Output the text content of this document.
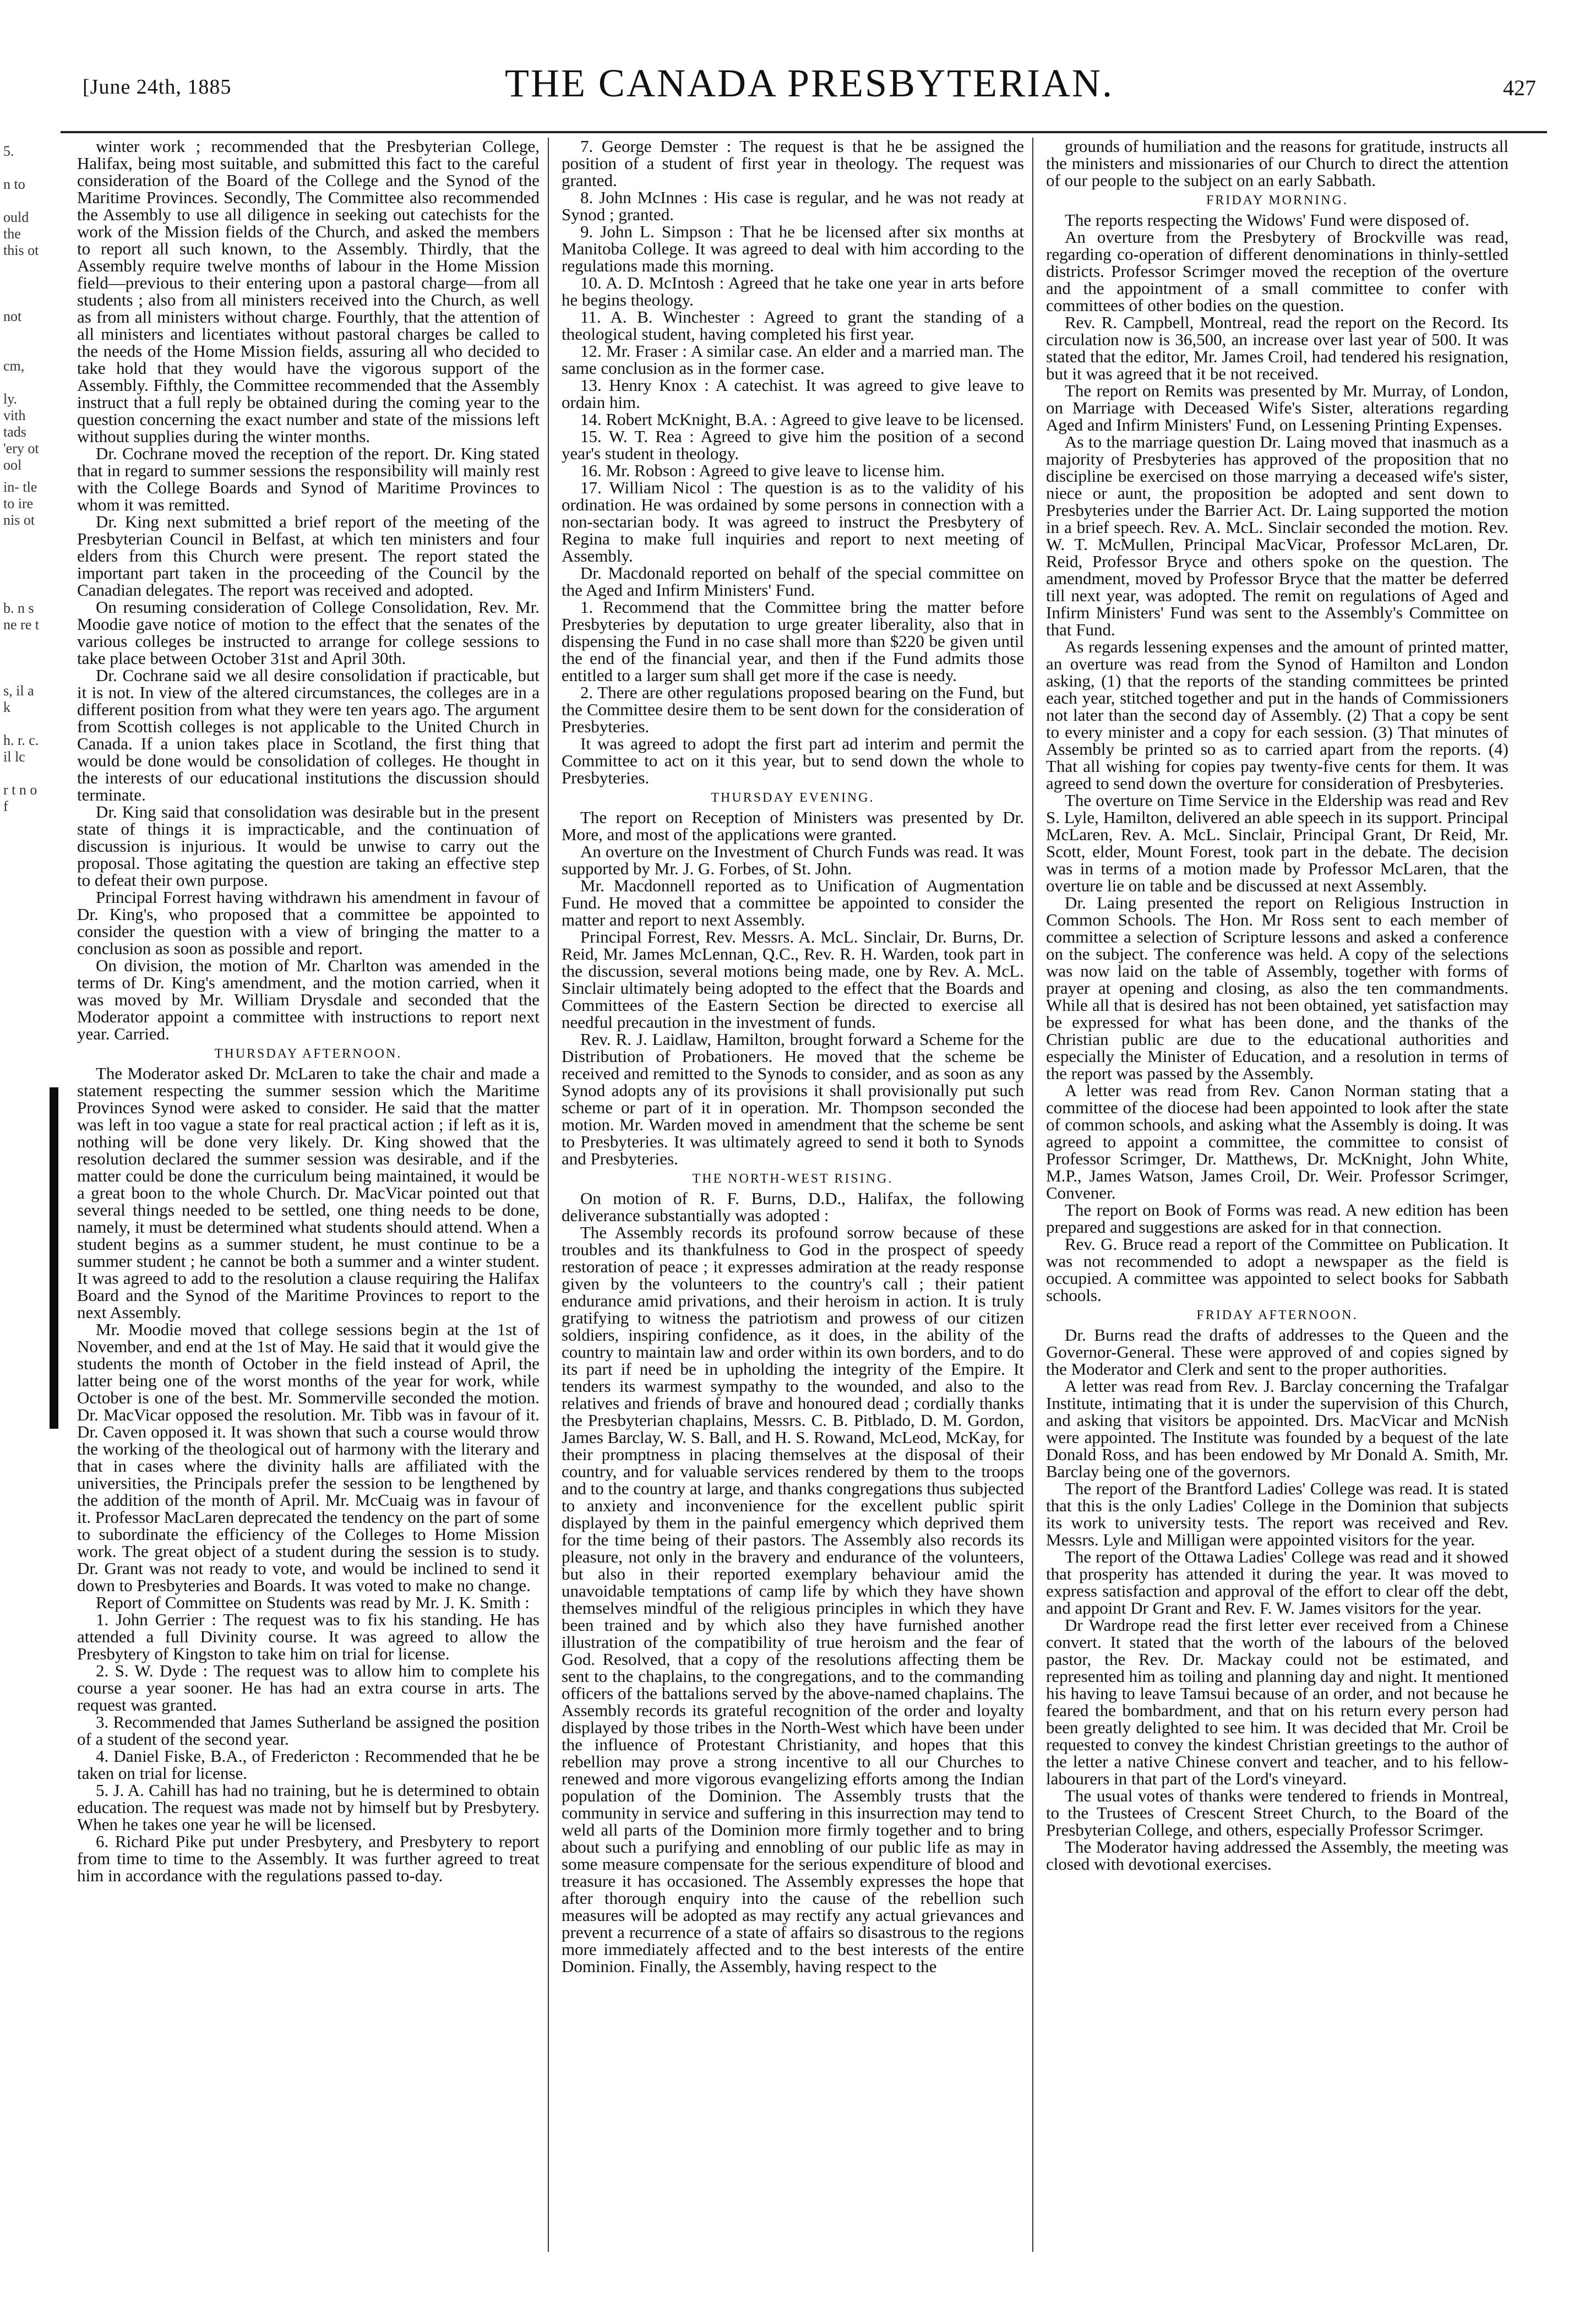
[June 24th, 1885	THE CANADA PRESBYTERIAN.	427
5.
n to
ould the this ot
not
cm,
ly. vith tads 'ery ot ool
in- tle to ire nis ot
b. n s ne re t
s, il a k
h. r. c. il lc
r t n o f

winter work ; recommended that the Presbyterian College, Halifax, being most suitable, and submitted this fact to the careful consideration of the Board of the College and the Synod of the Maritime Provinces. Secondly, The Committee also recommended the Assembly to use all diligence in seeking out catechists for the work of the Mission fields of the Church, and asked the members to report all such known, to the Assembly. Thirdly, that the Assembly require twelve months of labour in the Home Mission field—previous to their entering upon a pastoral charge—from all students ; also from all ministers received into the Church, as well as from all ministers without charge. Fourthly, that the attention of all ministers and licentiates without pastoral charges be called to the needs of the Home Mission fields, assuring all who decided to take hold that they would have the vigorous support of the Assembly. Fifthly, the Committee recommended that the Assembly instruct that a full reply be obtained during the coming year to the question concerning the exact number and state of the missions left without supplies during the winter months.

Dr. Cochrane moved the reception of the report. Dr. King stated that in regard to summer sessions the responsibility will mainly rest with the College Boards and Synod of Maritime Provinces to whom it was remitted.

Dr. King next submitted a brief report of the meeting of the Presbyterian Council in Belfast, at which ten ministers and four elders from this Church were present. The report stated the important part taken in the proceeding of the Council by the Canadian delegates. The report was received and adopted.

On resuming consideration of College Consolidation, Rev. Mr. Moodie gave notice of motion to the effect that the senates of the various colleges be instructed to arrange for college sessions to take place between October 31st and April 30th.

Dr. Cochrane said we all desire consolidation if practicable, but it is not. In view of the altered circumstances, the colleges are in a different position from what they were ten years ago. The argument from Scottish colleges is not applicable to the United Church in Canada. If a union takes place in Scotland, the first thing that would be done would be consolidation of colleges. He thought in the interests of our educational institutions the discussion should terminate.

Dr. King said that consolidation was desirable but in the present state of things it is impracticable, and the continuation of discussion is injurious. It would be unwise to carry out the proposal. Those agitating the question are taking an effective step to defeat their own purpose.

Principal Forrest having withdrawn his amendment in favour of Dr. King's, who proposed that a committee be appointed to consider the question with a view of bringing the matter to a conclusion as soon as possible and report.

On division, the motion of Mr. Charlton was amended in the terms of Dr. King's amendment, and the motion carried, when it was moved by Mr. William Drysdale and seconded that the Moderator appoint a committee with instructions to report next year. Carried.

THURSDAY AFTERNOON.

The Moderator asked Dr. McLaren to take the chair and made a statement respecting the summer session which the Maritime Provinces Synod were asked to consider. He said that the matter was left in too vague a state for real practical action ; if left as it is, nothing will be done very likely. Dr. King showed that the resolution declared the summer session was desirable, and if the matter could be done the curriculum being maintained, it would be a great boon to the whole Church. Dr. MacVicar pointed out that several things needed to be settled, one thing needs to be done, namely, it must be determined what students should attend. When a student begins as a summer student, he must continue to be a summer student ; he cannot be both a summer and a winter student. It was agreed to add to the resolution a clause requiring the Halifax Board and the Synod of the Maritime Provinces to report to the next Assembly.

Mr. Moodie moved that college sessions begin at the 1st of November, and end at the 1st of May. He said that it would give the students the month of October in the field instead of April, the latter being one of the worst months of the year for work, while October is one of the best. Mr. Sommerville seconded the motion. Dr. MacVicar opposed the resolution. Mr. Tibb was in favour of it. Dr. Caven opposed it. It was shown that such a course would throw the working of the theological out of harmony with the literary and that in cases where the divinity halls are affiliated with the universities, the Principals prefer the session to be lengthened by the addition of the month of April. Mr. McCuaig was in favour of it. Professor MacLaren deprecated the tendency on the part of some to subordinate the efficiency of the Colleges to Home Mission work. The great object of a student during the session is to study. Dr. Grant was not ready to vote, and would be inclined to send it down to Presbyteries and Boards. It was voted to make no change.

Report of Committee on Students was read by Mr. J. K. Smith :

1. John Gerrier : The request was to fix his standing. He has attended a full Divinity course. It was agreed to allow the Presbytery of Kingston to take him on trial for license.

2. S. W. Dyde : The request was to allow him to complete his course a year sooner. He has had an extra course in arts. The request was granted.

3. Recommended that James Sutherland be assigned the position of a student of the second year.

4. Daniel Fiske, B.A., of Fredericton : Recommended that he be taken on trial for license.

5. J. A. Cahill has had no training, but he is determined to obtain education. The request was made not by himself but by Presbytery. When he takes one year he will be licensed.

6. Richard Pike put under Presbytery, and Presbytery to report from time to time to the Assembly. It was further agreed to treat him in accordance with the regulations passed to-day.

7. George Demster : The request is that he be assigned the position of a student of first year in theology. The request was granted.

8. John McInnes : His case is regular, and he was not ready at Synod ; granted.

9. John L. Simpson : That he be licensed after six months at Manitoba College. It was agreed to deal with him according to the regulations made this morning.

10. A. D. McIntosh : Agreed that he take one year in arts before he begins theology.

11. A. B. Winchester : Agreed to grant the standing of a theological student, having completed his first year.

12. Mr. Fraser : A similar case. An elder and a married man. The same conclusion as in the former case.

13. Henry Knox : A catechist. It was agreed to give leave to ordain him.

14. Robert McKnight, B.A. : Agreed to give leave to be licensed.

15. W. T. Rea : Agreed to give him the position of a second year's student in theology.

16. Mr. Robson : Agreed to give leave to license him.

17. William Nicol : The question is as to the validity of his ordination. He was ordained by some persons in connection with a non-sectarian body. It was agreed to instruct the Presbytery of Regina to make full inquiries and report to next meeting of Assembly.

Dr. Macdonald reported on behalf of the special committee on the Aged and Infirm Ministers' Fund.

1. Recommend that the Committee bring the matter before Presbyteries by deputation to urge greater liberality, also that in dispensing the Fund in no case shall more than $220 be given until the end of the financial year, and then if the Fund admits those entitled to a larger sum shall get more if the case is needy.

2. There are other regulations proposed bearing on the Fund, but the Committee desire them to be sent down for the consideration of Presbyteries.

It was agreed to adopt the first part ad interim and permit the Committee to act on it this year, but to send down the whole to Presbyteries.

THURSDAY EVENING.

The report on Reception of Ministers was presented by Dr. More, and most of the applications were granted.

An overture on the Investment of Church Funds was read. It was supported by Mr. J. G. Forbes, of St. John.

Mr. Macdonnell reported as to Unification of Augmentation Fund. He moved that a committee be appointed to consider the matter and report to next Assembly.

Principal Forrest, Rev. Messrs. A. McL. Sinclair, Dr. Burns, Dr. Reid, Mr. James McLennan, Q.C., Rev. R. H. Warden, took part in the discussion, several motions being made, one by Rev. A. McL. Sinclair ultimately being adopted to the effect that the Boards and Committees of the Eastern Section be directed to exercise all needful precaution in the investment of funds.

Rev. R. J. Laidlaw, Hamilton, brought forward a Scheme for the Distribution of Probationers. He moved that the scheme be received and remitted to the Synods to consider, and as soon as any Synod adopts any of its provisions it shall provisionally put such scheme or part of it in operation. Mr. Thompson seconded the motion. Mr. Warden moved in amendment that the scheme be sent to Presbyteries. It was ultimately agreed to send it both to Synods and Presbyteries.

THE NORTH-WEST RISING.

On motion of R. F. Burns, D.D., Halifax, the following deliverance substantially was adopted :

The Assembly records its profound sorrow because of these troubles and its thankfulness to God in the prospect of speedy restoration of peace ; it expresses admiration at the ready response given by the volunteers to the country's call ; their patient endurance amid privations, and their heroism in action. It is truly gratifying to witness the patriotism and prowess of our citizen soldiers, inspiring confidence, as it does, in the ability of the country to maintain law and order within its own borders, and to do its part if need be in upholding the integrity of the Empire. It tenders its warmest sympathy to the wounded, and also to the relatives and friends of brave and honoured dead ; cordially thanks the Presbyterian chaplains, Messrs. C. B. Pitblado, D. M. Gordon, James Barclay, W. S. Ball, and H. S. Rowand, McLeod, McKay, for their promptness in placing themselves at the disposal of their country, and for valuable services rendered by them to the troops and to the country at large, and thanks congregations thus subjected to anxiety and inconvenience for the excellent public spirit displayed by them in the painful emergency which deprived them for the time being of their pastors. The Assembly also records its pleasure, not only in the bravery and endurance of the volunteers, but also in their reported exemplary behaviour amid the unavoidable temptations of camp life by which they have shown themselves mindful of the religious principles in which they have been trained and by which also they have furnished another illustration of the compatibility of true heroism and the fear of God. Resolved, that a copy of the resolutions affecting them be sent to the chaplains, to the congregations, and to the commanding officers of the battalions served by the above-named chaplains. The Assembly records its grateful recognition of the order and loyalty displayed by those tribes in the North-West which have been under the influence of Protestant Christianity, and hopes that this rebellion may prove a strong incentive to all our Churches to renewed and more vigorous evangelizing efforts among the Indian population of the Dominion. The Assembly trusts that the community in service and suffering in this insurrection may tend to weld all parts of the Dominion more firmly together and to bring about such a purifying and ennobling of our public life as may in some measure compensate for the serious expenditure of blood and treasure it has occasioned. The Assembly expresses the hope that after thorough enquiry into the cause of the rebellion such measures will be adopted as may rectify any actual grievances and prevent a recurrence of a state of affairs so disastrous to the regions more immediately affected and to the best interests of the entire Dominion. Finally, the Assembly, having respect to the

grounds of humiliation and the reasons for gratitude, instructs all the ministers and missionaries of our Church to direct the attention of our people to the subject on an early Sabbath.

FRIDAY MORNING.

The reports respecting the Widows' Fund were disposed of.

An overture from the Presbytery of Brockville was read, regarding co-operation of different denominations in thinly-settled districts. Professor Scrimger moved the reception of the overture and the appointment of a small committee to confer with committees of other bodies on the question.

Rev. R. Campbell, Montreal, read the report on the Record. Its circulation now is 36,500, an increase over last year of 500. It was stated that the editor, Mr. James Croil, had tendered his resignation, but it was agreed that it be not received.

The report on Remits was presented by Mr. Murray, of London, on Marriage with Deceased Wife's Sister, alterations regarding Aged and Infirm Ministers' Fund, on Lessening Printing Expenses.

As to the marriage question Dr. Laing moved that inasmuch as a majority of Presbyteries has approved of the proposition that no discipline be exercised on those marrying a deceased wife's sister, niece or aunt, the proposition be adopted and sent down to Presbyteries under the Barrier Act. Dr. Laing supported the motion in a brief speech. Rev. A. McL. Sinclair seconded the motion. Rev. W. T. McMullen, Principal MacVicar, Professor McLaren, Dr. Reid, Professor Bryce and others spoke on the question. The amendment, moved by Professor Bryce that the matter be deferred till next year, was adopted. The remit on regulations of Aged and Infirm Ministers' Fund was sent to the Assembly's Committee on that Fund.

As regards lessening expenses and the amount of printed matter, an overture was read from the Synod of Hamilton and London asking, (1) that the reports of the standing committees be printed each year, stitched together and put in the hands of Commissioners not later than the second day of Assembly. (2) That a copy be sent to every minister and a copy for each session. (3) That minutes of Assembly be printed so as to carried apart from the reports. (4) That all wishing for copies pay twenty-five cents for them. It was agreed to send down the overture for consideration of Presbyteries.

The overture on Time Service in the Eldership was read and Rev S. Lyle, Hamilton, delivered an able speech in its support. Principal McLaren, Rev. A. McL. Sinclair, Principal Grant, Dr Reid, Mr. Scott, elder, Mount Forest, took part in the debate. The decision was in terms of a motion made by Professor McLaren, that the overture lie on table and be discussed at next Assembly.

Dr. Laing presented the report on Religious Instruction in Common Schools. The Hon. Mr Ross sent to each member of committee a selection of Scripture lessons and asked a conference on the subject. The conference was held. A copy of the selections was now laid on the table of Assembly, together with forms of prayer at opening and closing, as also the ten commandments. While all that is desired has not been obtained, yet satisfaction may be expressed for what has been done, and the thanks of the Christian public are due to the educational authorities and especially the Minister of Education, and a resolution in terms of the report was passed by the Assembly.

A letter was read from Rev. Canon Norman stating that a committee of the diocese had been appointed to look after the state of common schools, and asking what the Assembly is doing. It was agreed to appoint a committee, the committee to consist of Professor Scrimger, Dr. Matthews, Dr. McKnight, John White, M.P., James Watson, James Croil, Dr. Weir. Professor Scrimger, Convener.

The report on Book of Forms was read. A new edition has been prepared and suggestions are asked for in that connection.

Rev. G. Bruce read a report of the Committee on Publication. It was not recommended to adopt a newspaper as the field is occupied. A committee was appointed to select books for Sabbath schools.

FRIDAY AFTERNOON.

Dr. Burns read the drafts of addresses to the Queen and the Governor-General. These were approved of and copies signed by the Moderator and Clerk and sent to the proper authorities.

A letter was read from Rev. J. Barclay concerning the Trafalgar Institute, intimating that it is under the supervision of this Church, and asking that visitors be appointed. Drs. MacVicar and McNish were appointed. The Institute was founded by a bequest of the late Donald Ross, and has been endowed by Mr Donald A. Smith, Mr. Barclay being one of the governors.

The report of the Brantford Ladies' College was read. It is stated that this is the only Ladies' College in the Dominion that subjects its work to university tests. The report was received and Rev. Messrs. Lyle and Milligan were appointed visitors for the year.

The report of the Ottawa Ladies' College was read and it showed that prosperity has attended it during the year. It was moved to express satisfaction and approval of the effort to clear off the debt, and appoint Dr Grant and Rev. F. W. James visitors for the year.

Dr Wardrope read the first letter ever received from a Chinese convert. It stated that the worth of the labours of the beloved pastor, the Rev. Dr. Mackay could not be estimated, and represented him as toiling and planning day and night. It mentioned his having to leave Tamsui because of an order, and not because he feared the bombardment, and that on his return every person had been greatly delighted to see him. It was decided that Mr. Croil be requested to convey the kindest Christian greetings to the author of the letter a native Chinese convert and teacher, and to his fellow-labourers in that part of the Lord's vineyard.

The usual votes of thanks were tendered to friends in Montreal, to the Trustees of Crescent Street Church, to the Board of the Presbyterian College, and others, especially Professor Scrimger.

The Moderator having addressed the Assembly, the meeting was closed with devotional exercises.
